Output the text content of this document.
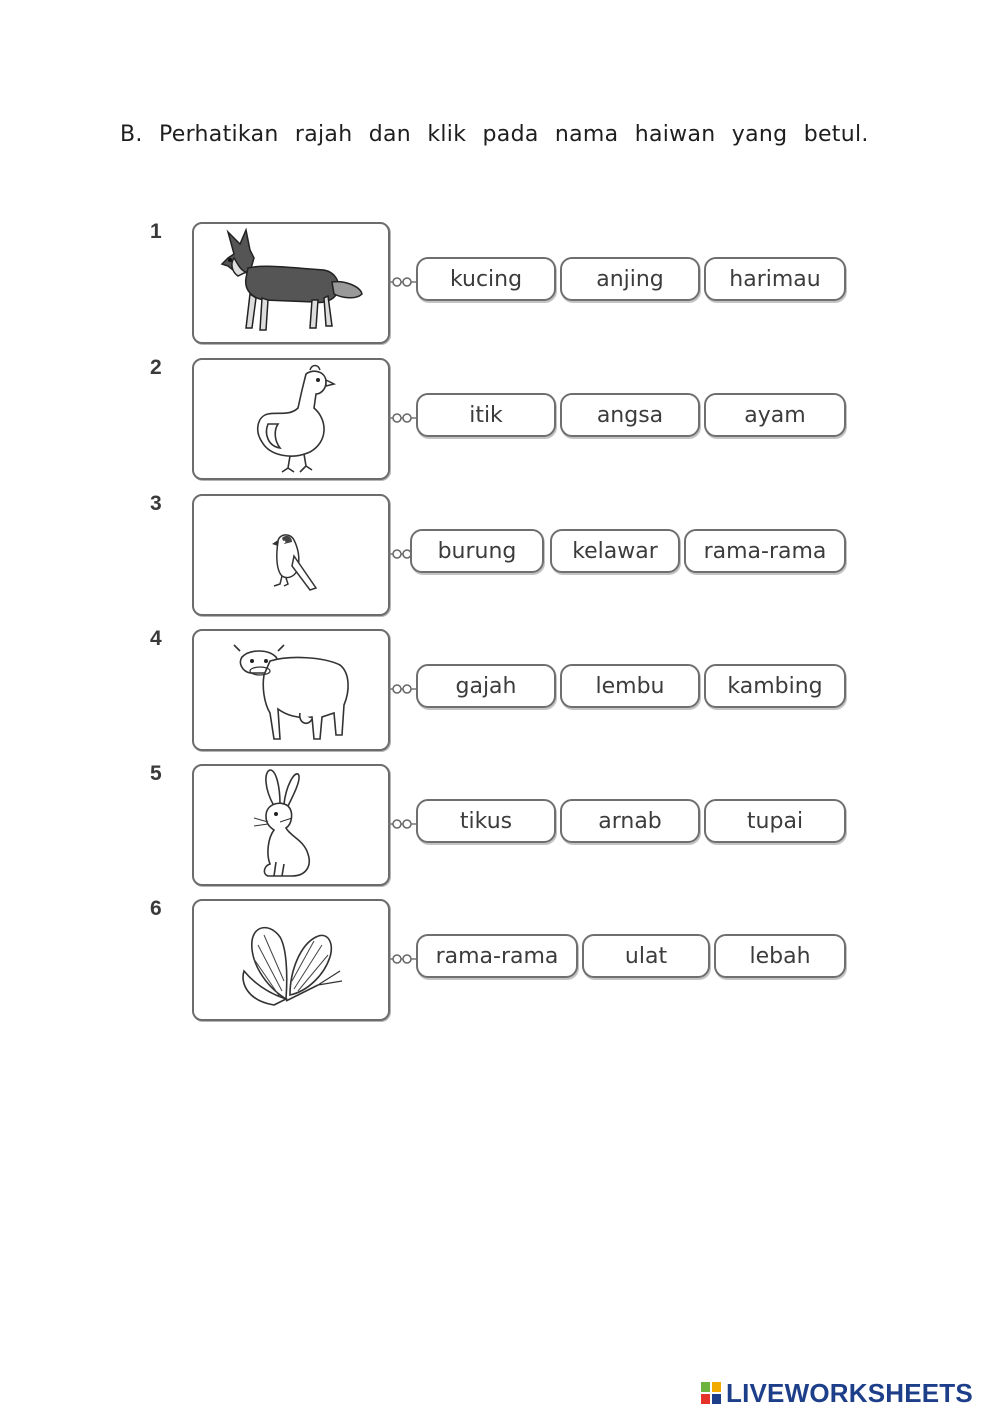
B. Perhatikan rajah dan klik pada nama haiwan yang betul.
1
kucing	anjing	harimau
2
itik	angsa	ayam
3
burung	kelawar	rama-rama
4
gajah	lembu	kambing
5
tikus	arnab	tupai
6
rama-rama	ulat	lebah
LIVEWORKSHEETS
